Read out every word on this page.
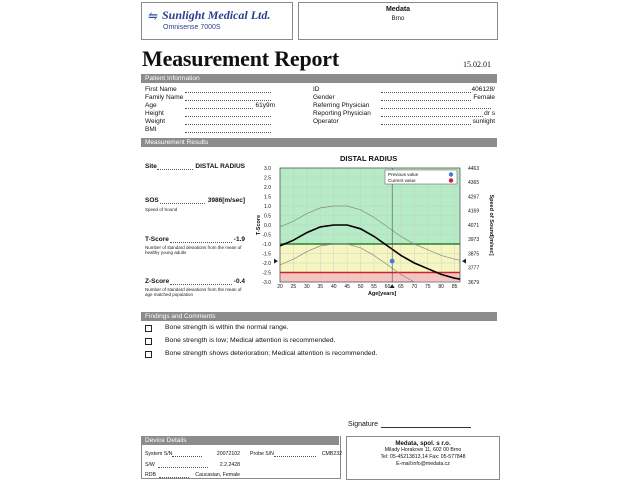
⇋ Sunlight Medical Ltd.
Omnisense 7000S
Medata
Brno
Measurement Report	15.02.01
Patient Information
First Name
Family Name
Age	61y9m
Height
Weight
BMI
ID	406128/
Gender	Female
Referring Physician
Reporting Physician	dr s
Operator	sunlight
Measurement Results
Site	DISTAL RADIUS
SOS	3986[m/sec]
Speed of Sound
T-Score	-1.9
Number of standard deviations from the mean of healthy young adults
Z-Score	-0.4
Number of standard deviations from the mean of age matched population
DISTAL RADIUS
3.0
2.5
2.0
1.5
1.0
0.5
0.0
-0.5
-1.0
-1.5
-2.0
-2.5
-3.0
20 25 30 35 40 45 50 55 60 65 70 75 80 85
4463
4365
4267
4169
4071
3973
3875
3777
3679
T-Score	Speed of Sound[m/sec]
Age[years]
Previous value
Current value
Findings and Comments
Bone strength is within the normal range.
Bone strength is low; Medical attention is recommended.
Bone strength shows deterioration; Medical attention is recommended.
Signature
Device Details
System S/N	20072102 Probe S/N	CMB232
S/W	2.2.2428
RDB	Caucasian, Female
Medata, spol. s r.o.
Milady Horakove 11, 602 00 Brno
Tel: 05-45213813,14 Fax: 05-577848
E-mail:info@medata.cz
